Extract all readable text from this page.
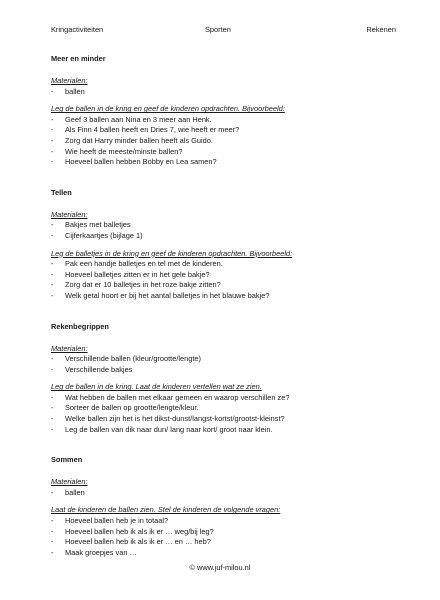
Kringactiviteiten	Sporten	Rekenen
Meer en minder
Materialen:
- ballen
Leg de ballen in de kring en geef de kinderen opdrachten. Bijvoorbeeld:
- Geef 3 ballen aan Nina en 3 meer aan Henk.
- Als Finn 4 ballen heeft en Dries 7, wie heeft er meer?
- Zorg dat Harry minder ballen heeft als Guido.
- Wie heeft de meeste/minste ballen?
- Hoeveel ballen hebben Bobby en Lea samen?
Tellen
Materialen:
- Bakjes met balletjes
- Cijferkaartjes (bijlage 1)
Leg de balletjes in de kring en geef de kinderen opdrachten. Bijvoorbeeld:
- Pak een handje balletjes en tel met de kinderen.
- Hoeveel balletjes zitten er in het gele bakje?
- Zorg dat er 10 balletjes in het roze bakje zitten?
- Welk getal hoort er bij het aantal balletjes in het blauwe bakje?
Rekenbegrippen
Materialen:
- Verschillende ballen (kleur/grootte/lengte)
- Verschillende bakjes
Leg de ballen in de kring. Laat de kinderen vertellen wat ze zien.
- Wat hebben de ballen met elkaar gemeen en waarop verschillen ze?
- Sorteer de ballen op grootte/lengte/kleur.
- Welke ballen zijn het is het dikst-dunst/langst-kortst/grootst-kleinst?
- Leg de ballen van dik naar dun/ lang naar kort/ groot naar klein.
Sommen
Materialen:
- ballen
Laat de kinderen de ballen zien. Stel de kinderen de volgende vragen:
- Hoeveel ballen heb je in totaal?
- Hoeveel ballen heb ik als ik er … weg/bij leg?
- Hoeveel ballen heb ik als ik er … en … heb?
- Maak groepjes van …
© www.juf-milou.nl
